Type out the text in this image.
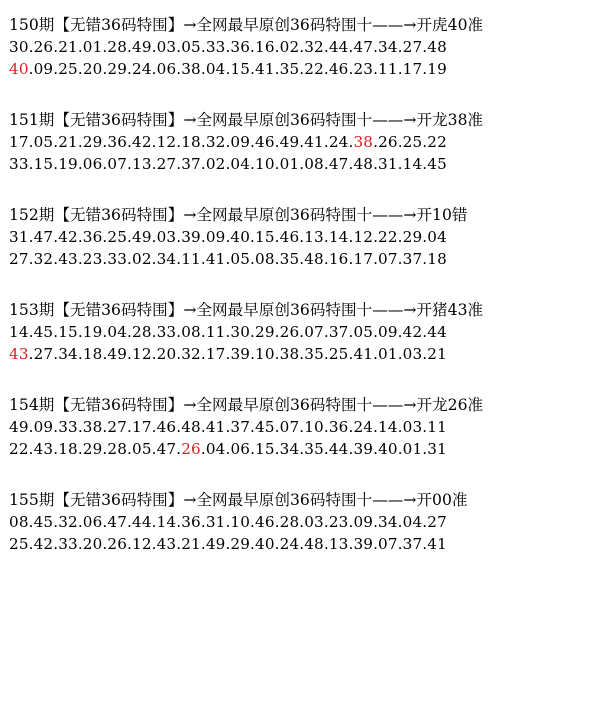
150期【无错36码特围】→全网最早原创36码特围十——→开虎40准
30.26.21.01.28.49.03.05.33.36.16.02.32.44.47.34.27.48
40.09.25.20.29.24.06.38.04.15.41.35.22.46.23.11.17.19
151期【无错36码特围】→全网最早原创36码特围十——→开龙38准
17.05.21.29.36.42.12.18.32.09.46.49.41.24.38.26.25.22
33.15.19.06.07.13.27.37.02.04.10.01.08.47.48.31.14.45
152期【无错36码特围】→全网最早原创36码特围十——→开10错
31.47.42.36.25.49.03.39.09.40.15.46.13.14.12.22.29.04
27.32.43.23.33.02.34.11.41.05.08.35.48.16.17.07.37.18
153期【无错36码特围】→全网最早原创36码特围十——→开猪43准
14.45.15.19.04.28.33.08.11.30.29.26.07.37.05.09.42.44
43.27.34.18.49.12.20.32.17.39.10.38.35.25.41.01.03.21
154期【无错36码特围】→全网最早原创36码特围十——→开龙26准
49.09.33.38.27.17.46.48.41.37.45.07.10.36.24.14.03.11
22.43.18.29.28.05.47.26.04.06.15.34.35.44.39.40.01.31
155期【无错36码特围】→全网最早原创36码特围十——→开00准
08.45.32.06.47.44.14.36.31.10.46.28.03.23.09.34.04.27
25.42.33.20.26.12.43.21.49.29.40.24.48.13.39.07.37.41
